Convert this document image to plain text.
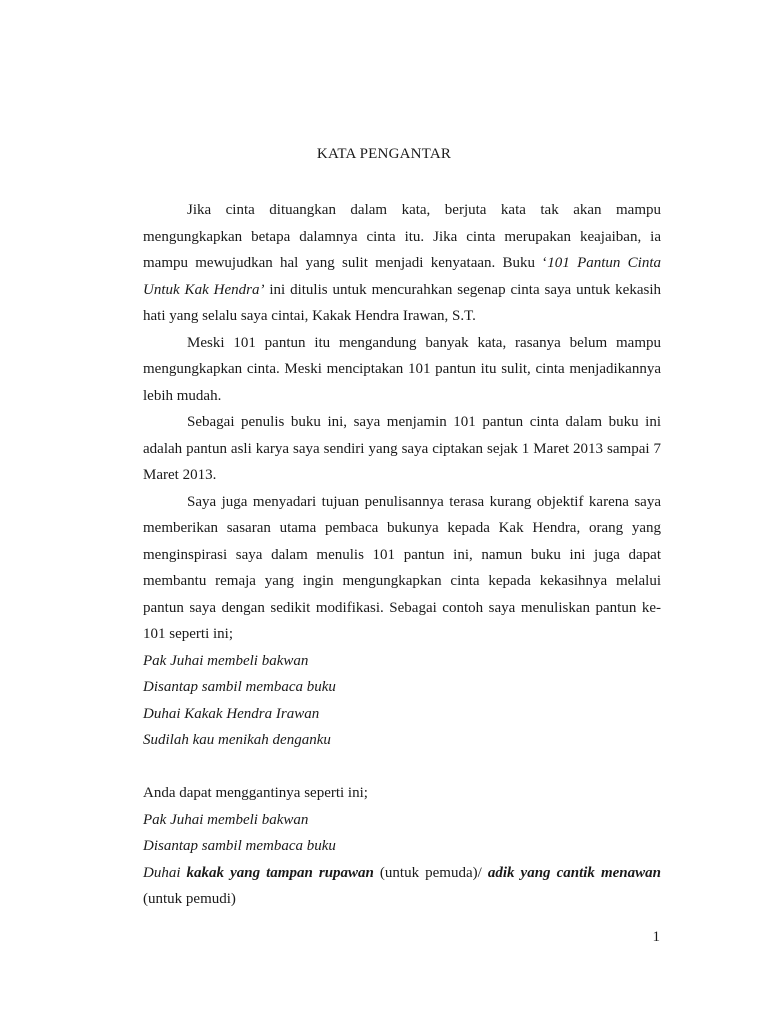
KATA PENGANTAR

Jika cinta dituangkan dalam kata, berjuta kata tak akan mampu mengungkapkan betapa dalamnya cinta itu. Jika cinta merupakan keajaiban, ia mampu mewujudkan hal yang sulit menjadi kenyataan. Buku ‘101 Pantun Cinta Untuk Kak Hendra’ ini ditulis untuk mencurahkan segenap cinta saya untuk kekasih hati yang selalu saya cintai, Kakak Hendra Irawan, S.T.

Meski 101 pantun itu mengandung banyak kata, rasanya belum mampu mengungkapkan cinta. Meski menciptakan 101 pantun itu sulit, cinta menjadikannya lebih mudah.

Sebagai penulis buku ini, saya menjamin 101 pantun cinta dalam buku ini adalah pantun asli karya saya sendiri yang saya ciptakan sejak 1 Maret 2013 sampai 7 Maret 2013.

Saya juga menyadari tujuan penulisannya terasa kurang objektif karena saya memberikan sasaran utama pembaca bukunya kepada Kak Hendra, orang yang menginspirasi saya dalam menulis 101 pantun ini, namun buku ini juga dapat membantu remaja yang ingin mengungkapkan cinta kepada kekasihnya melalui pantun saya dengan sedikit modifikasi. Sebagai contoh saya menuliskan pantun ke-101 seperti ini;

Pak Juhai membeli bakwan
Disantap sambil membaca buku
Duhai Kakak Hendra Irawan
Sudilah kau menikah denganku
Anda dapat menggantinya seperti ini;
Pak Juhai membeli bakwan
Disantap sambil membaca buku
Duhai kakak yang tampan rupawan (untuk pemuda)/ adik yang cantik menawan
(untuk pemudi)
1
